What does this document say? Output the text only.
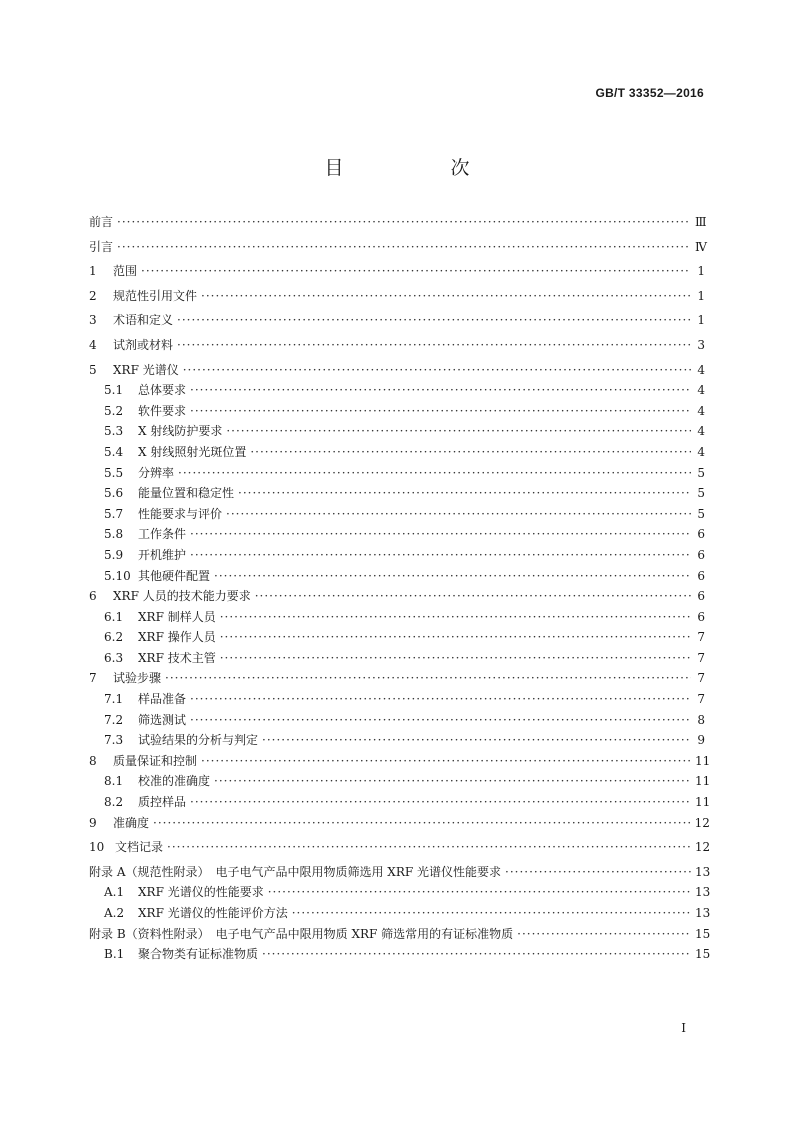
GB/T 33352—2016
目　次
前言 ·····	Ⅲ
引言 ·····	Ⅳ
1	范围 ·····	1
2	规范性引用文件 ·····	1
3	术语和定义 ·····	1
4	试剂或材料 ·····	3
5	XRF 光谱仪 ·····	4
5.1	总体要求 ·····	4
5.2	软件要求 ·····	4
5.3	X 射线防护要求 ·····	4
5.4	X 射线照射光斑位置 ·····	4
5.5	分辨率 ·····	5
5.6	能量位置和稳定性 ·····	5
5.7	性能要求与评价 ·····	5
5.8	工作条件 ·····	6
5.9	开机维护 ·····	6
5.10 其他硬件配置 ·····	6
6	XRF 人员的技术能力要求 ·····	6
6.1	XRF 制样人员 ·····	6
6.2	XRF 操作人员 ·····	7
6.3	XRF 技术主管 ·····	7
7	试验步骤 ·····	7
7.1	样品准备 ·····	7
7.2	筛选测试 ·····	8
7.3	试验结果的分析与判定 ·····	9
8	质量保证和控制 ·····	11
8.1	校准的准确度 ·····	11
8.2	质控样品 ·····	11
9	准确度 ·····	12
10 文档记录 ·····	12
附录 A（规范性附录）　电子电气产品中限用物质筛选用 XRF 光谱仪性能要求 ·····	13
A.1	XRF 光谱仪的性能要求 ·····	13
A.2	XRF 光谱仪的性能评价方法 ·····	13
附录 B（资料性附录）　电子电气产品中限用物质 XRF 筛选常用的有证标准物质 ·····	15
B.1	聚合物类有证标准物质 ·····	15
I
